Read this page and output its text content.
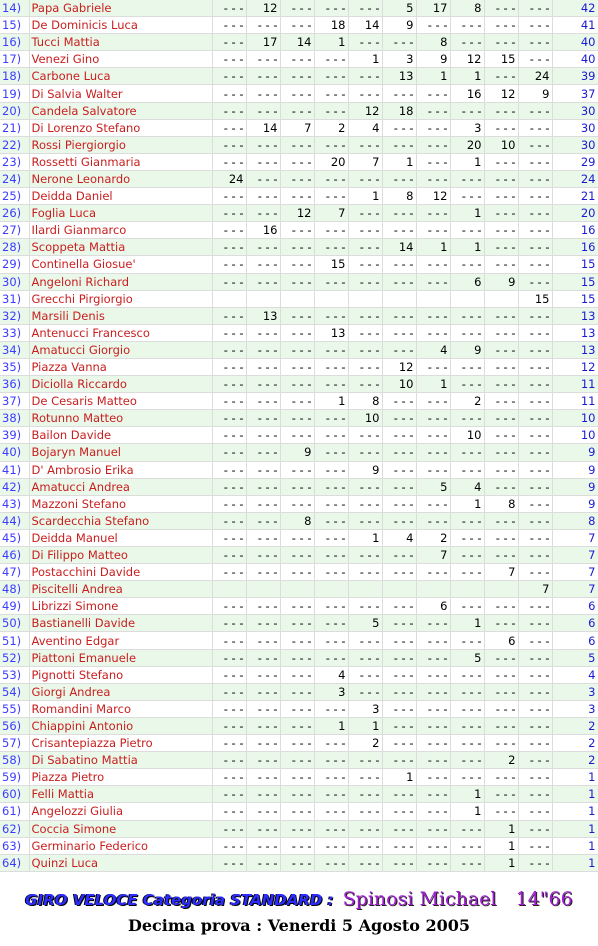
14)	Papa Gabriele	- - -	12	- - -	- - -	- - -	5	17	8	- - -	- - -	42
15)	De Dominicis Luca	- - -	- - -	- - -	18	14	9	- - -	- - -	- - -	- - -	41
16)	Tucci Mattia	- - -	17	14	1	- - -	- - -	8	- - -	- - -	- - -	40
17)	Venezi Gino	- - -	- - -	- - -	- - -	1	3	9	12	15	- - -	40
18)	Carbone Luca	- - -	- - -	- - -	- - -	- - -	13	1	1	- - -	24	39
19)	Di Salvia Walter	- - -	- - -	- - -	- - -	- - -	- - -	- - -	16	12	9	37
20)	Candela Salvatore	- - -	- - -	- - -	- - -	12	18	- - -	- - -	- - -	- - -	30
21)	Di Lorenzo Stefano	- - -	14	7	2	4	- - -	- - -	3	- - -	- - -	30
22)	Rossi Piergiorgio	- - -	- - -	- - -	- - -	- - -	- - -	- - -	20	10	- - -	30
23)	Rossetti Gianmaria	- - -	- - -	- - -	20	7	1	- - -	1	- - -	- - -	29
24)	Nerone Leonardo	24	- - -	- - -	- - -	- - -	- - -	- - -	- - -	- - -	- - -	24
25)	Deidda Daniel	- - -	- - -	- - -	- - -	1	8	12	- - -	- - -	- - -	21
26)	Foglia Luca	- - -	- - -	12	7	- - -	- - -	- - -	1	- - -	- - -	20
27)	Ilardi Gianmarco	- - -	16	- - -	- - -	- - -	- - -	- - -	- - -	- - -	- - -	16
28)	Scoppeta Mattia	- - -	- - -	- - -	- - -	- - -	14	1	1	- - -	- - -	16
29)	Continella Giosue'	- - -	- - -	- - -	15	- - -	- - -	- - -	- - -	- - -	- - -	15
30)	Angeloni Richard	- - -	- - -	- - -	- - -	- - -	- - -	- - -	6	9	- - -	15
31)	Grecchi Pirgiorgio										15	15
32)	Marsili Denis	- - -	13	- - -	- - -	- - -	- - -	- - -	- - -	- - -	- - -	13
33)	Antenucci Francesco	- - -	- - -	- - -	13	- - -	- - -	- - -	- - -	- - -	- - -	13
34)	Amatucci Giorgio	- - -	- - -	- - -	- - -	- - -	- - -	4	9	- - -	- - -	13
35)	Piazza Vanna	- - -	- - -	- - -	- - -	- - -	12	- - -	- - -	- - -	- - -	12
36)	Diciolla Riccardo	- - -	- - -	- - -	- - -	- - -	10	1	- - -	- - -	- - -	11
37)	De Cesaris Matteo	- - -	- - -	- - -	1	8	- - -	- - -	2	- - -	- - -	11
38)	Rotunno Matteo	- - -	- - -	- - -	- - -	10	- - -	- - -	- - -	- - -	- - -	10
39)	Bailon Davide	- - -	- - -	- - -	- - -	- - -	- - -	- - -	10	- - -	- - -	10
40)	Bojaryn Manuel	- - -	- - -	9	- - -	- - -	- - -	- - -	- - -	- - -	- - -	9
41)	D' Ambrosio Erika	- - -	- - -	- - -	- - -	9	- - -	- - -	- - -	- - -	- - -	9
42)	Amatucci Andrea	- - -	- - -	- - -	- - -	- - -	- - -	5	4	- - -	- - -	9
43)	Mazzoni Stefano	- - -	- - -	- - -	- - -	- - -	- - -	- - -	1	8	- - -	9
44)	Scardecchia Stefano	- - -	- - -	8	- - -	- - -	- - -	- - -	- - -	- - -	- - -	8
45)	Deidda Manuel	- - -	- - -	- - -	- - -	1	4	2	- - -	- - -	- - -	7
46)	Di Filippo Matteo	- - -	- - -	- - -	- - -	- - -	- - -	7	- - -	- - -	- - -	7
47)	Postacchini Davide	- - -	- - -	- - -	- - -	- - -	- - -	- - -	- - -	7	- - -	7
48)	Piscitelli Andrea										7	7
49)	Librizzi Simone	- - -	- - -	- - -	- - -	- - -	- - -	6	- - -	- - -	- - -	6
50)	Bastianelli Davide	- - -	- - -	- - -	- - -	5	- - -	- - -	1	- - -	- - -	6
51)	Aventino Edgar	- - -	- - -	- - -	- - -	- - -	- - -	- - -	- - -	6	- - -	6
52)	Piattoni Emanuele	- - -	- - -	- - -	- - -	- - -	- - -	- - -	5	- - -	- - -	5
53)	Pignotti Stefano	- - -	- - -	- - -	4	- - -	- - -	- - -	- - -	- - -	- - -	4
54)	Giorgi Andrea	- - -	- - -	- - -	3	- - -	- - -	- - -	- - -	- - -	- - -	3
55)	Romandini Marco	- - -	- - -	- - -	- - -	3	- - -	- - -	- - -	- - -	- - -	3
56)	Chiappini Antonio	- - -	- - -	- - -	1	1	- - -	- - -	- - -	- - -	- - -	2
57)	Crisantepiazza Pietro	- - -	- - -	- - -	- - -	2	- - -	- - -	- - -	- - -	- - -	2
58)	Di Sabatino Mattia	- - -	- - -	- - -	- - -	- - -	- - -	- - -	- - -	2	- - -	2
59)	Piazza Pietro	- - -	- - -	- - -	- - -	- - -	1	- - -	- - -	- - -	- - -	1
60)	Felli Mattia	- - -	- - -	- - -	- - -	- - -	- - -	- - -	1	- - -	- - -	1
61)	Angelozzi Giulia	- - -	- - -	- - -	- - -	- - -	- - -	- - -	1	- - -	- - -	1
62)	Coccia Simone	- - -	- - -	- - -	- - -	- - -	- - -	- - -	- - -	1	- - -	1
63)	Germinario Federico	- - -	- - -	- - -	- - -	- - -	- - -	- - -	- - -	1	- - -	1
64)	Quinzi Luca	- - -	- - -	- - -	- - -	- - -	- - -	- - -	- - -	1	- - -	1
GIRO VELOCE Categoria STANDARD : Spinosi Michael 14"66
Decima prova : Venerdi 5 Agosto 2005
